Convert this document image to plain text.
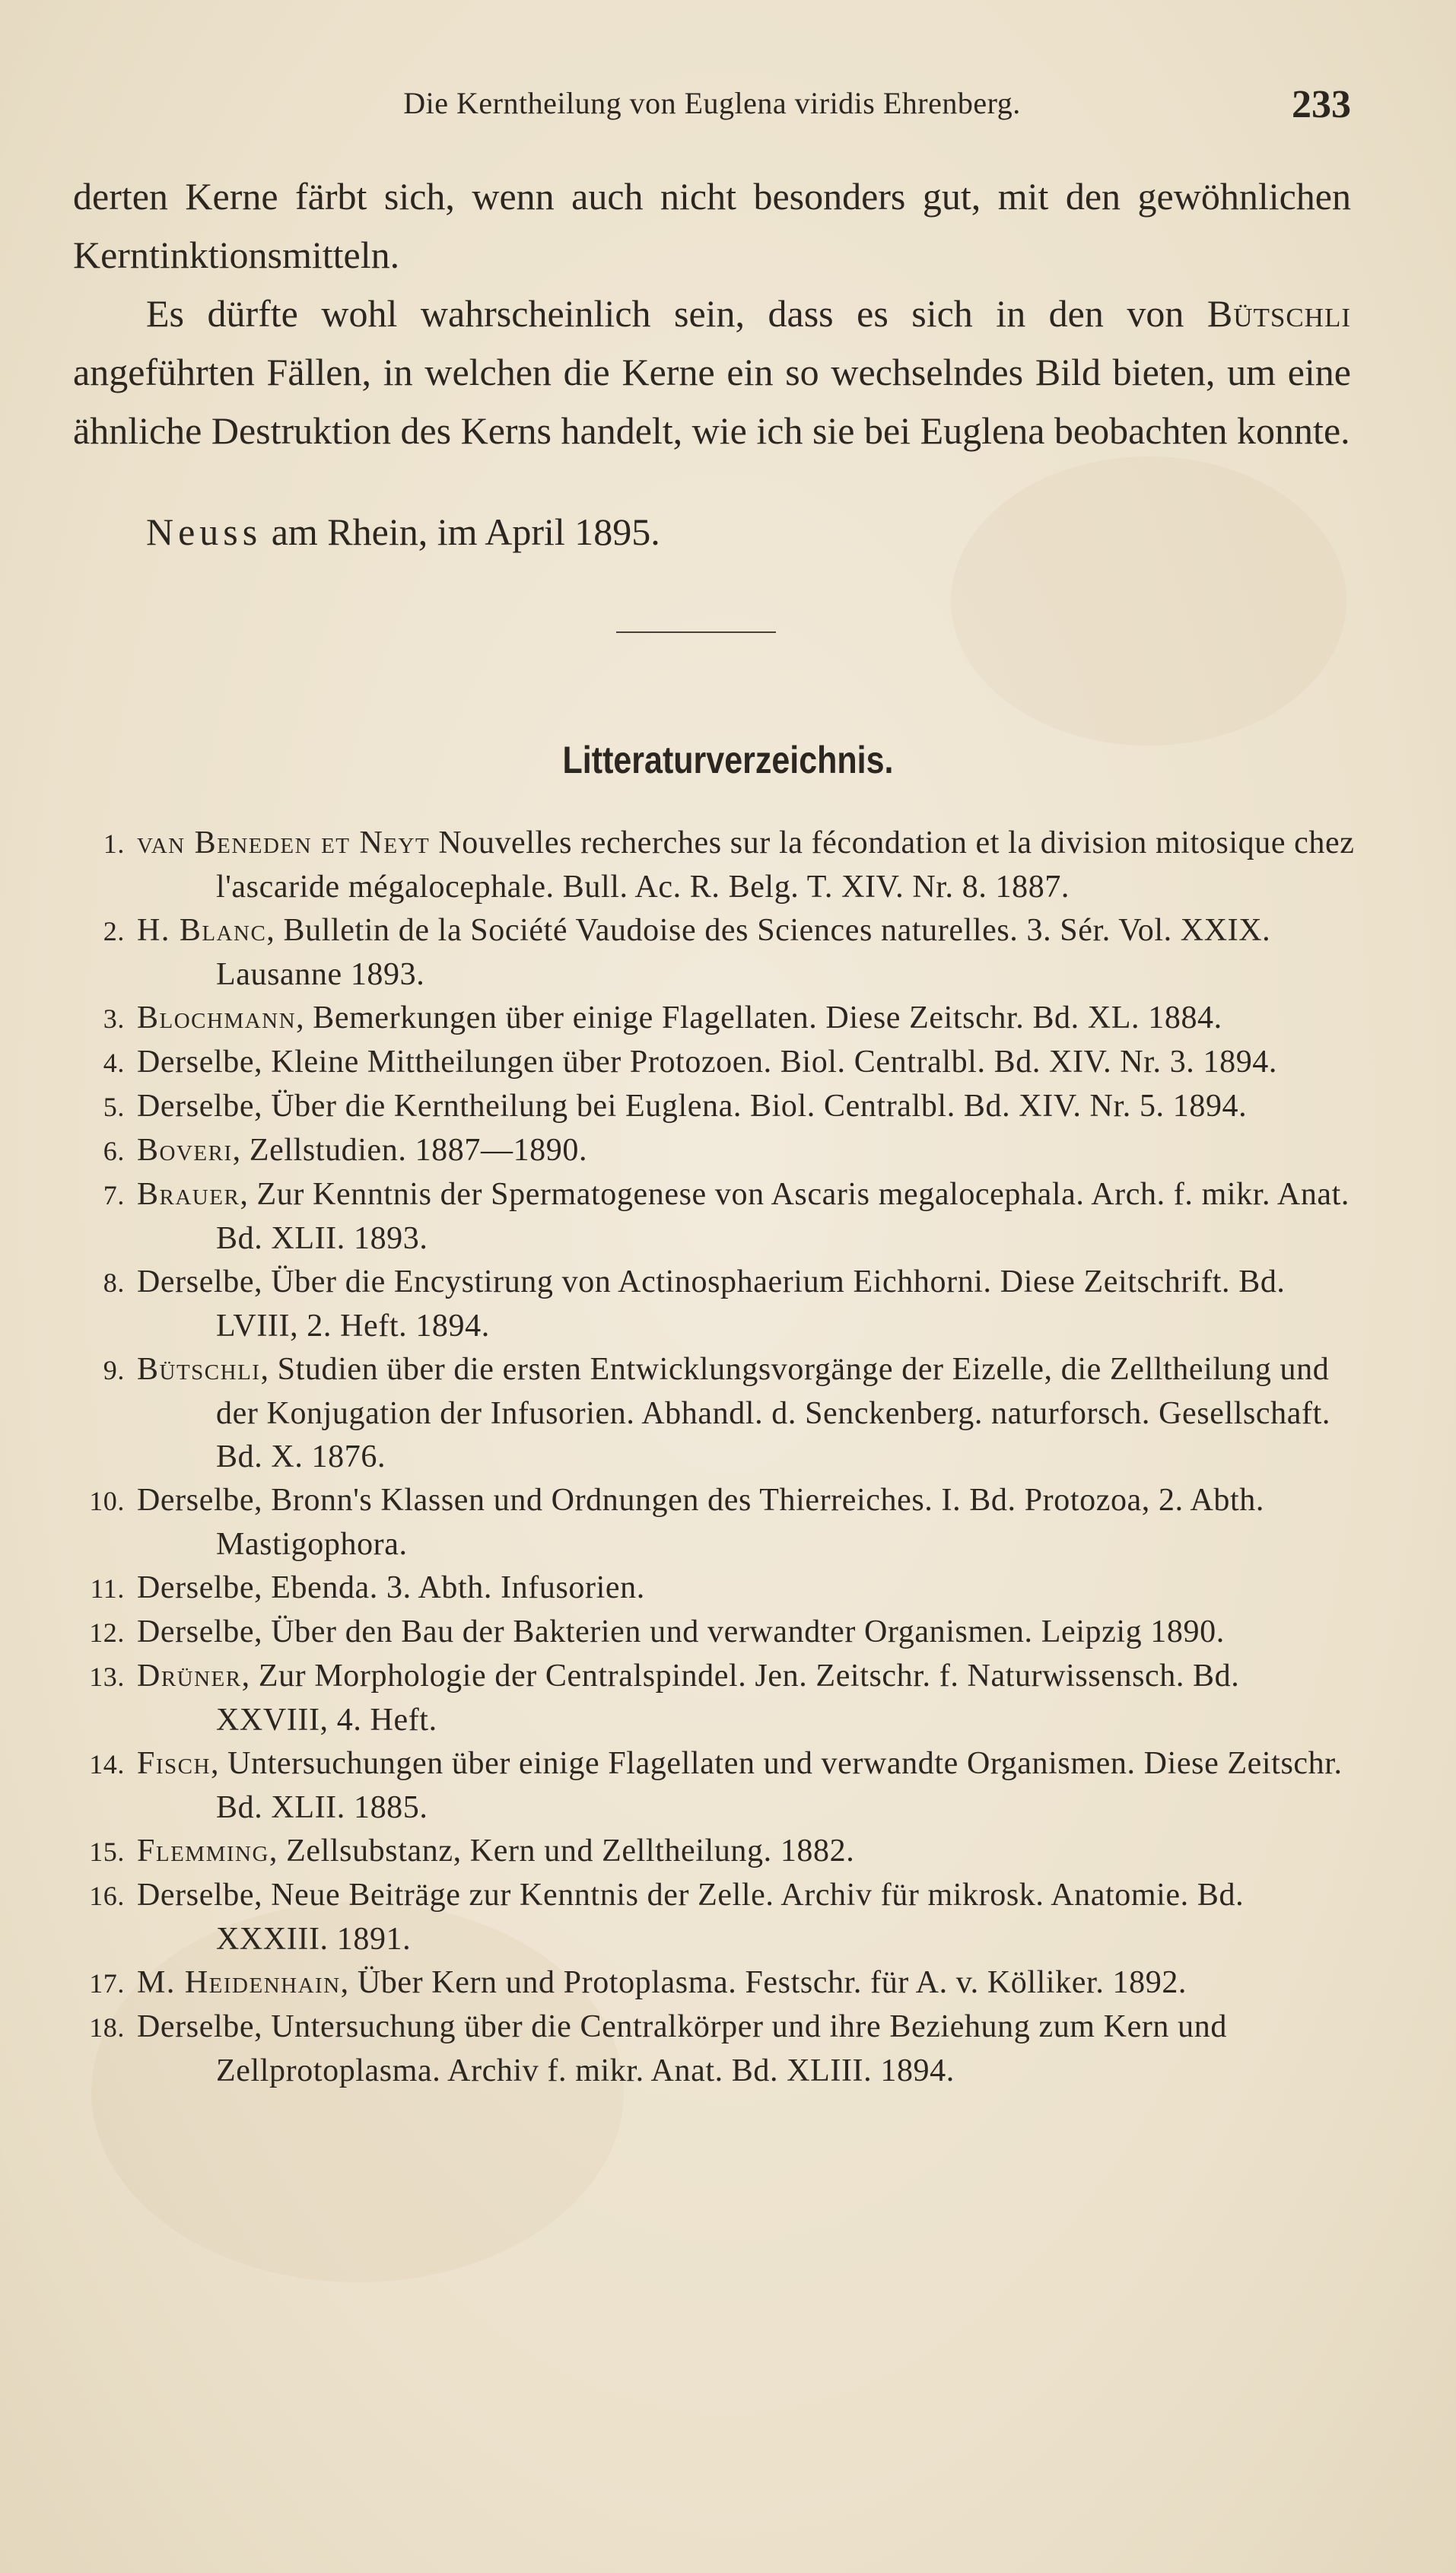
Die Kerntheilung von Euglena viridis Ehrenberg.	233

derten Kerne färbt sich, wenn auch nicht besonders gut, mit den gewöhnlichen Kerntinktionsmitteln.

Es dürfte wohl wahrscheinlich sein, dass es sich in den von Bütschli angeführten Fällen, in welchen die Kerne ein so wechselndes Bild bieten, um eine ähnliche Destruktion des Kerns handelt, wie ich sie bei Euglena beobachten konnte.

Neuss am Rhein, im April 1895.
Litteraturverzeichnis.
1. van Beneden et Neyt Nouvelles recherches sur la fécondation et la division mitosique chez l'ascaride mégalocephale. Bull. Ac. R. Belg. T. XIV. Nr. 8. 1887.
2. H. Blanc, Bulletin de la Société Vaudoise des Sciences naturelles. 3. Sér. Vol. XXIX. Lausanne 1893.
3. Blochmann, Bemerkungen über einige Flagellaten. Diese Zeitschr. Bd. XL. 1884.
4. Derselbe, Kleine Mittheilungen über Protozoen. Biol. Centralbl. Bd. XIV. Nr. 3. 1894.
5. Derselbe, Über die Kerntheilung bei Euglena. Biol. Centralbl. Bd. XIV. Nr. 5. 1894.
6. Boveri, Zellstudien. 1887—1890.
7. Brauer, Zur Kenntnis der Spermatogenese von Ascaris megalocephala. Arch. f. mikr. Anat. Bd. XLII. 1893.
8. Derselbe, Über die Encystirung von Actinosphaerium Eichhorni. Diese Zeitschrift. Bd. LVIII, 2. Heft. 1894.
9. Bütschli, Studien über die ersten Entwicklungsvorgänge der Eizelle, die Zelltheilung und der Konjugation der Infusorien. Abhandl. d. Senckenberg. naturforsch. Gesellschaft. Bd. X. 1876.
10. Derselbe, Bronn's Klassen und Ordnungen des Thierreiches. I. Bd. Protozoa, 2. Abth. Mastigophora.
11. Derselbe, Ebenda. 3. Abth. Infusorien.
12. Derselbe, Über den Bau der Bakterien und verwandter Organismen. Leipzig 1890.
13. Drüner, Zur Morphologie der Centralspindel. Jen. Zeitschr. f. Naturwissensch. Bd. XXVIII, 4. Heft.
14. Fisch, Untersuchungen über einige Flagellaten und verwandte Organismen. Diese Zeitschr. Bd. XLII. 1885.
15. Flemming, Zellsubstanz, Kern und Zelltheilung. 1882.
16. Derselbe, Neue Beiträge zur Kenntnis der Zelle. Archiv für mikrosk. Anatomie. Bd. XXXIII. 1891.
17. M. Heidenhain, Über Kern und Protoplasma. Festschr. für A. v. Kölliker. 1892.
18. Derselbe, Untersuchung über die Centralkörper und ihre Beziehung zum Kern und Zellprotoplasma. Archiv f. mikr. Anat. Bd. XLIII. 1894.
